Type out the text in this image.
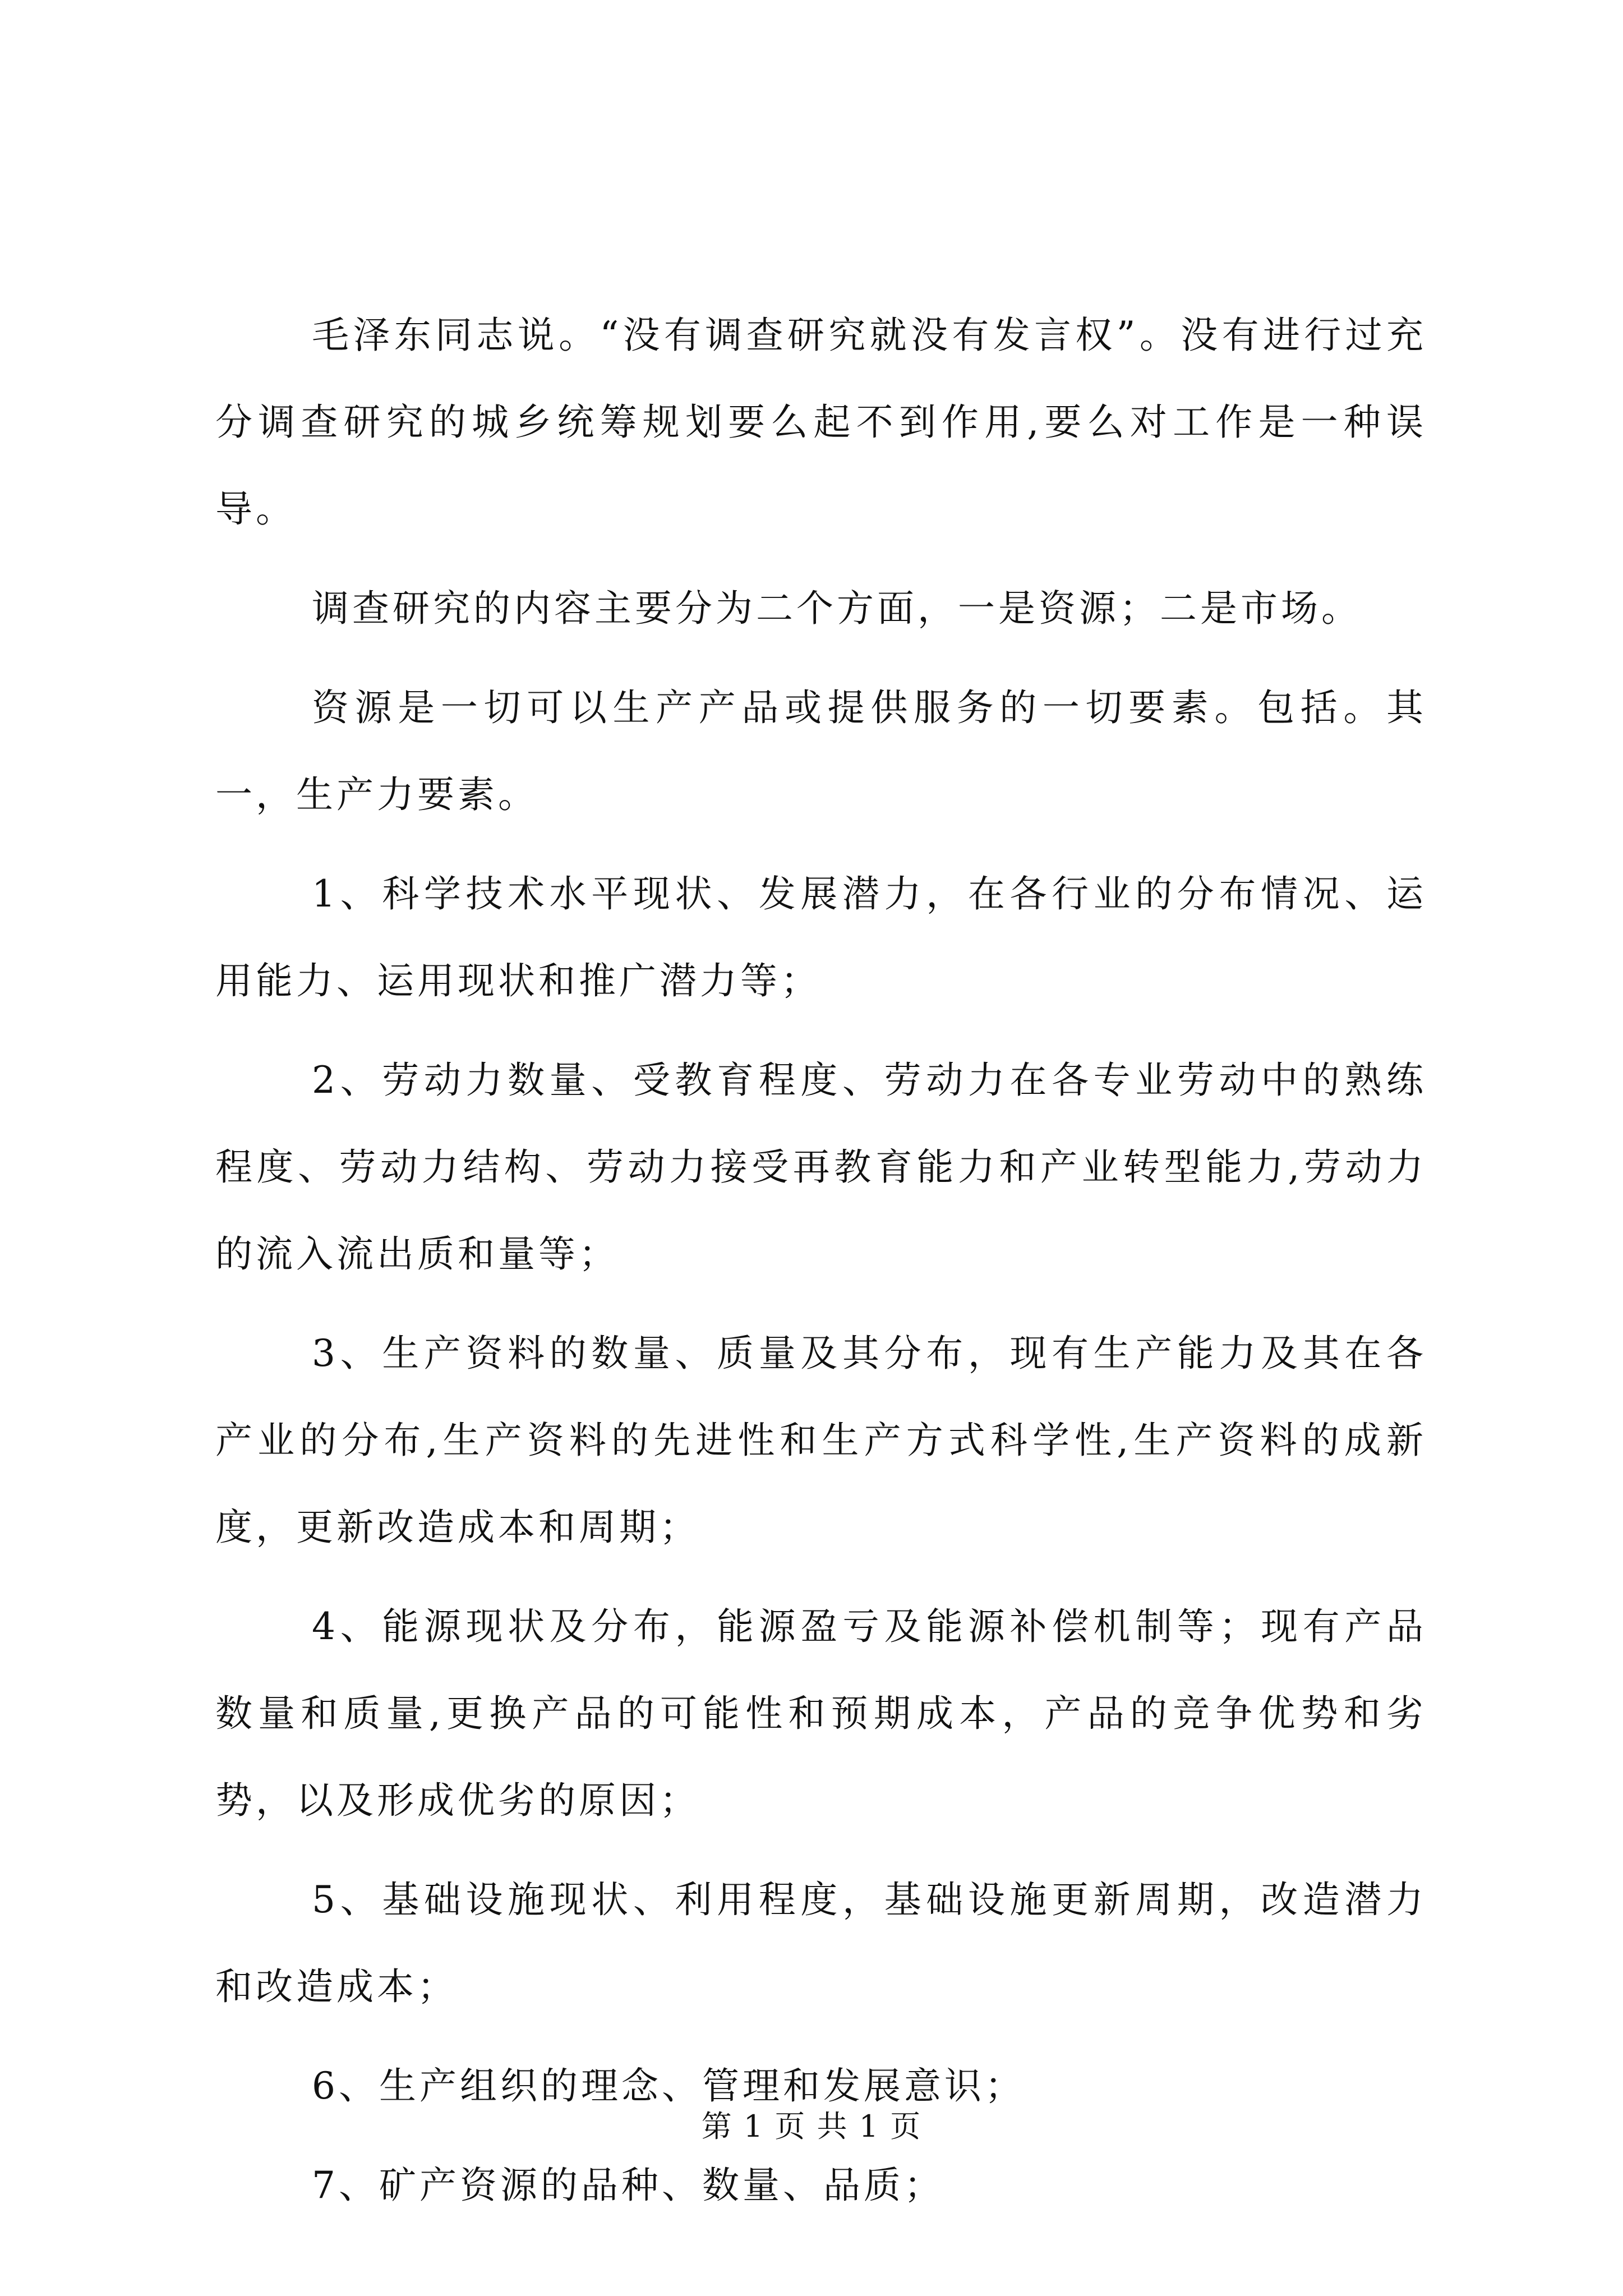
毛泽东同志说。“没有调查研究就没有发言权”。没有进行过充分调查研究的城乡统筹规划要么起不到作用,要么对工作是一种误导。

调查研究的内容主要分为二个方面，一是资源；二是市场。

资源是一切可以生产产品或提供服务的一切要素。包括。其一，生产力要素。

1、科学技术水平现状、发展潜力，在各行业的分布情况、运用能力、运用现状和推广潜力等；

2、劳动力数量、受教育程度、劳动力在各专业劳动中的熟练程度、劳动力结构、劳动力接受再教育能力和产业转型能力,劳动力的流入流出质和量等；

3、生产资料的数量、质量及其分布，现有生产能力及其在各产业的分布,生产资料的先进性和生产方式科学性,生产资料的成新度，更新改造成本和周期；

4、能源现状及分布，能源盈亏及能源补偿机制等；现有产品数量和质量,更换产品的可能性和预期成本，产品的竞争优势和劣势，以及形成优劣的原因；

5、基础设施现状、利用程度，基础设施更新周期，改造潜力和改造成本；

6、生产组织的理念、管理和发展意识；

7、矿产资源的品种、数量、品质；

第 1 页 共 1 页
